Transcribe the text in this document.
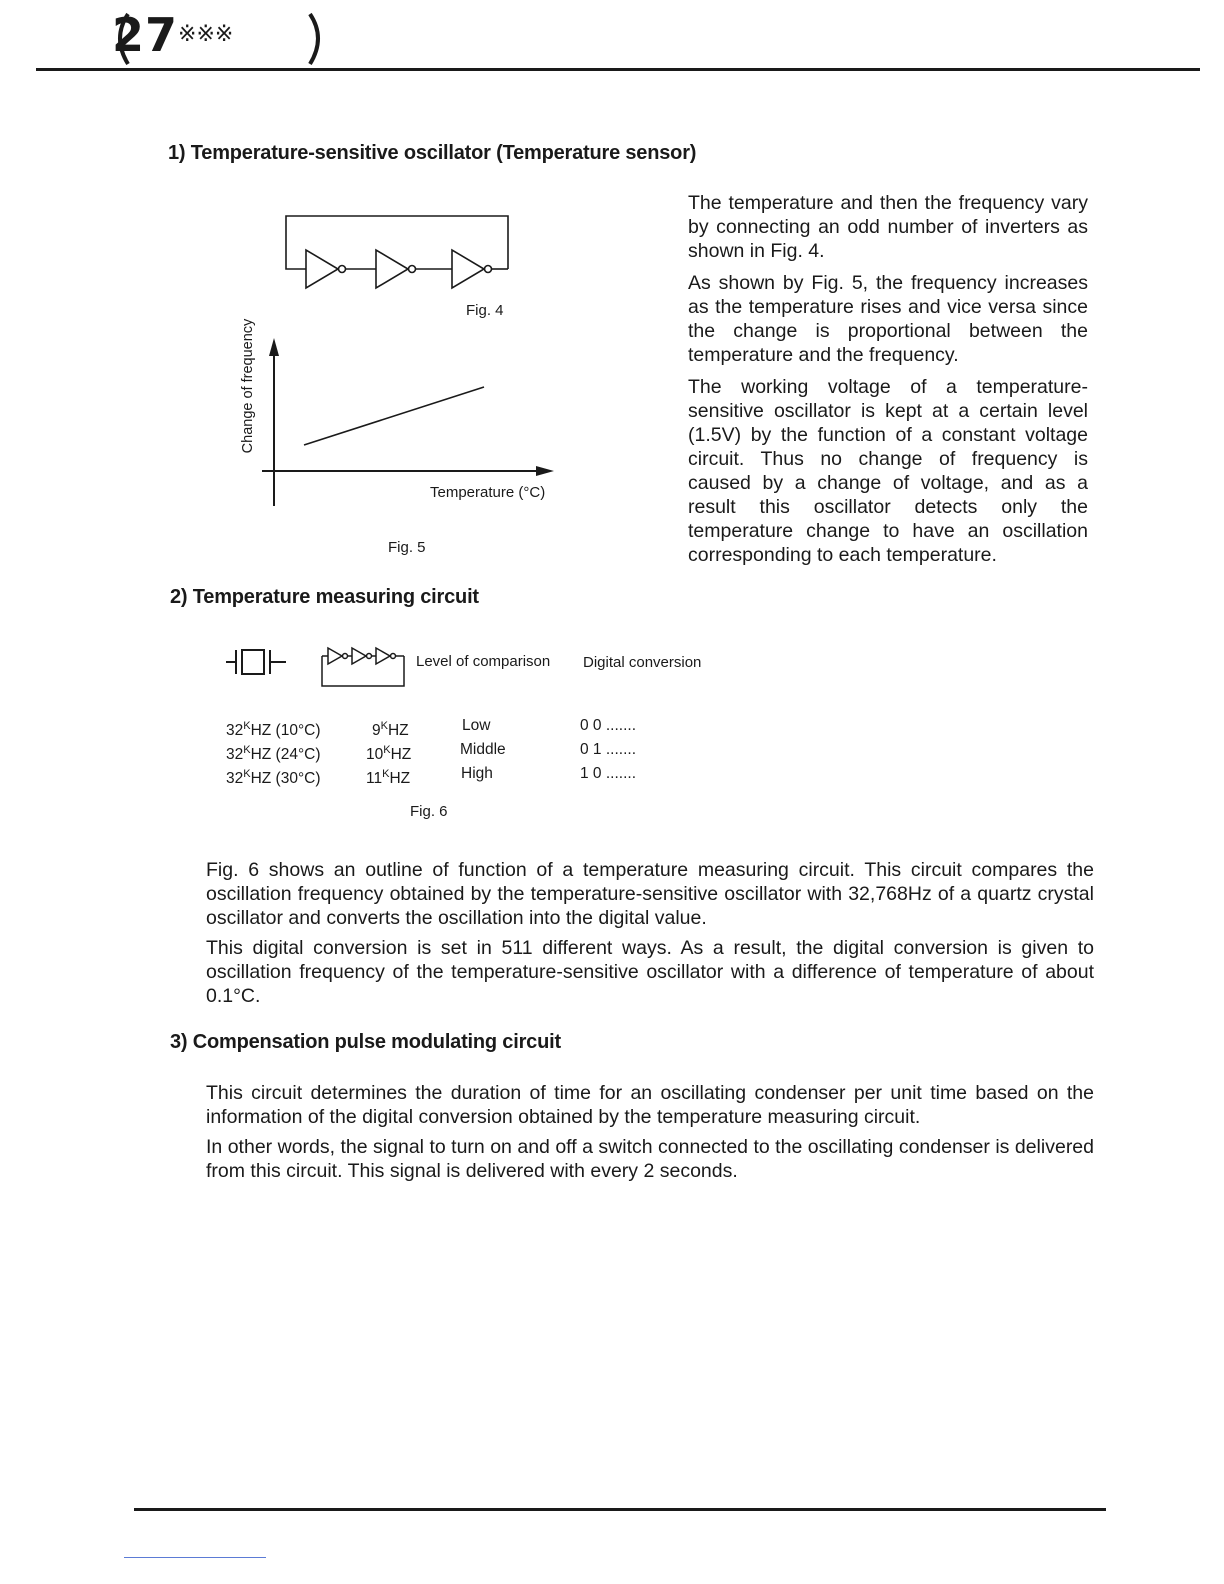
27※※※
1) Temperature-sensitive oscillator (Temperature sensor)
Fig. 4
Change of frequency
Temperature (°C)
Fig. 5

The temperature and then the frequency vary by connecting an odd number of inverters as shown in Fig. 4.

As shown by Fig. 5, the frequency increases as the temperature rises and vice versa since the change is proportional between the temperature and the frequency.

The working voltage of a temperature-sensitive oscillator is kept at a certain level (1.5V) by the function of a constant voltage circuit. Thus no change of frequency is caused by a change of voltage, and as a result this oscillator detects only the temperature change to have an oscillation corresponding to each temperature.

2) Temperature measuring circuit
Level of comparison Digital conversion
$32^KHZ$ (10°C)	$9^KHZ$	Low	0 0 .......
$32^KHZ$ (24°C)	$10^KHZ$	Middle	0 1 .......
$32^KHZ$ (30°C)	$11^KHZ$	High	1 0 .......
Fig. 6

Fig. 6 shows an outline of function of a temperature measuring circuit. This circuit compares the oscillation frequency obtained by the temperature-sensitive oscillator with 32,768Hz of a quartz crystal oscillator and converts the oscillation into the digital value.

This digital conversion is set in 511 different ways. As a result, the digital conversion is given to oscillation frequency of the temperature-sensitive oscillator with a difference of temperature of about 0.1°C.

3) Compensation pulse modulating circuit

This circuit determines the duration of time for an oscillating condenser per unit time based on the information of the digital conversion obtained by the temperature measuring circuit.

In other words, the signal to turn on and off a switch connected to the oscillating condenser is delivered from this circuit. This signal is delivered with every 2 seconds.
